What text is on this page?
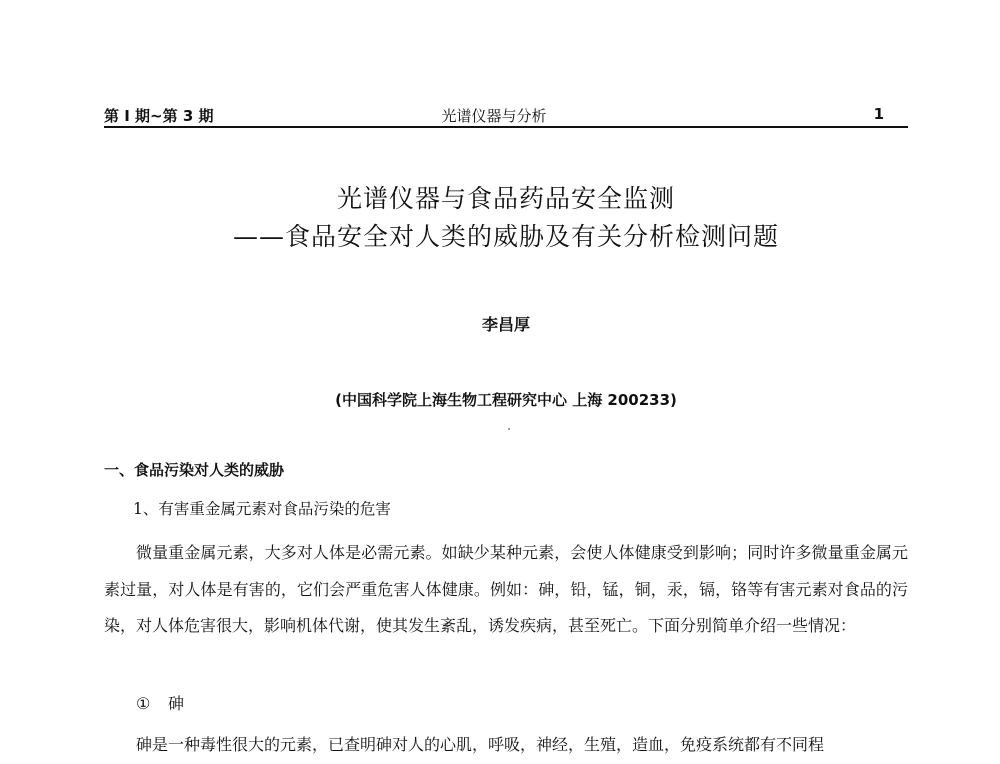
第 I 期~第 3 期	光谱仪器与分析	1
光谱仪器与食品药品安全监测
——食品安全对人类的威胁及有关分析检测问题
李昌厚
(中国科学院上海生物工程研究中心 上海 200233)
一、食品污染对人类的威胁
1、有害重金属元素对食品污染的危害

微量重金属元素，大多对人体是必需元素。如缺少某种元素，会使人体健康受到影响；同时许多微量重金属元素过量，对人体是有害的，它们会严重危害人体健康。例如：砷，铅，锰，铜，汞，镉，铬等有害元素对食品的污染，对人体危害很大，影响机体代谢，使其发生紊乱，诱发疾病，甚至死亡。下面分别简单介绍一些情况：

① 砷

砷是一种毒性很大的元素，已查明砷对人的心肌，呼吸，神经，生殖，造血，免疫系统都有不同程
